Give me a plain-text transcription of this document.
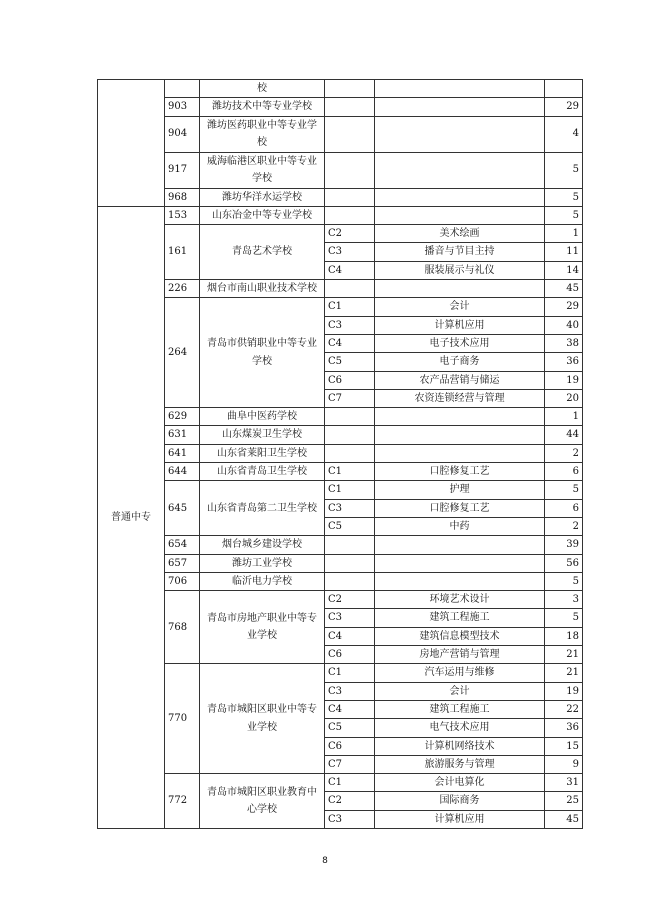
		校			
	903	潍坊技术中等专业学校			29
	904	潍坊医药职业中等专业学校			4
	917	威海临港区职业中等专业学校			5
	968	潍坊华洋水运学校			5
普通中专	153	山东冶金中等专业学校			5
	161	青岛艺术学校	C2	美术绘画	1
			C3	播音与节目主持	11
			C4	服装展示与礼仪	14
	226	烟台市南山职业技术学校			45
	264	青岛市供销职业中等专业学校	C1	会计	29
			C3	计算机应用	40
			C4	电子技术应用	38
			C5	电子商务	36
			C6	农产品营销与储运	19
			C7	农资连锁经营与管理	20
	629	曲阜中医药学校			1
	631	山东煤炭卫生学校			44
	641	山东省莱阳卫生学校			2
	644	山东省青岛卫生学校	C1	口腔修复工艺	6
	645	山东省青岛第二卫生学校	C1	护理	5
			C3	口腔修复工艺	6
			C5	中药	2
	654	烟台城乡建设学校			39
	657	潍坊工业学校			56
	706	临沂电力学校			5
	768	青岛市房地产职业中等专业学校	C2	环境艺术设计	3
			C3	建筑工程施工	5
			C4	建筑信息模型技术	18
			C6	房地产营销与管理	21
	770	青岛市城阳区职业中等专业学校	C1	汽车运用与维修	21
			C3	会计	19
			C4	建筑工程施工	22
			C5	电气技术应用	36
			C6	计算机网络技术	15
			C7	旅游服务与管理	9
	772	青岛市城阳区职业教育中心学校	C1	会计电算化	31
			C2	国际商务	25
			C3	计算机应用	45
8
